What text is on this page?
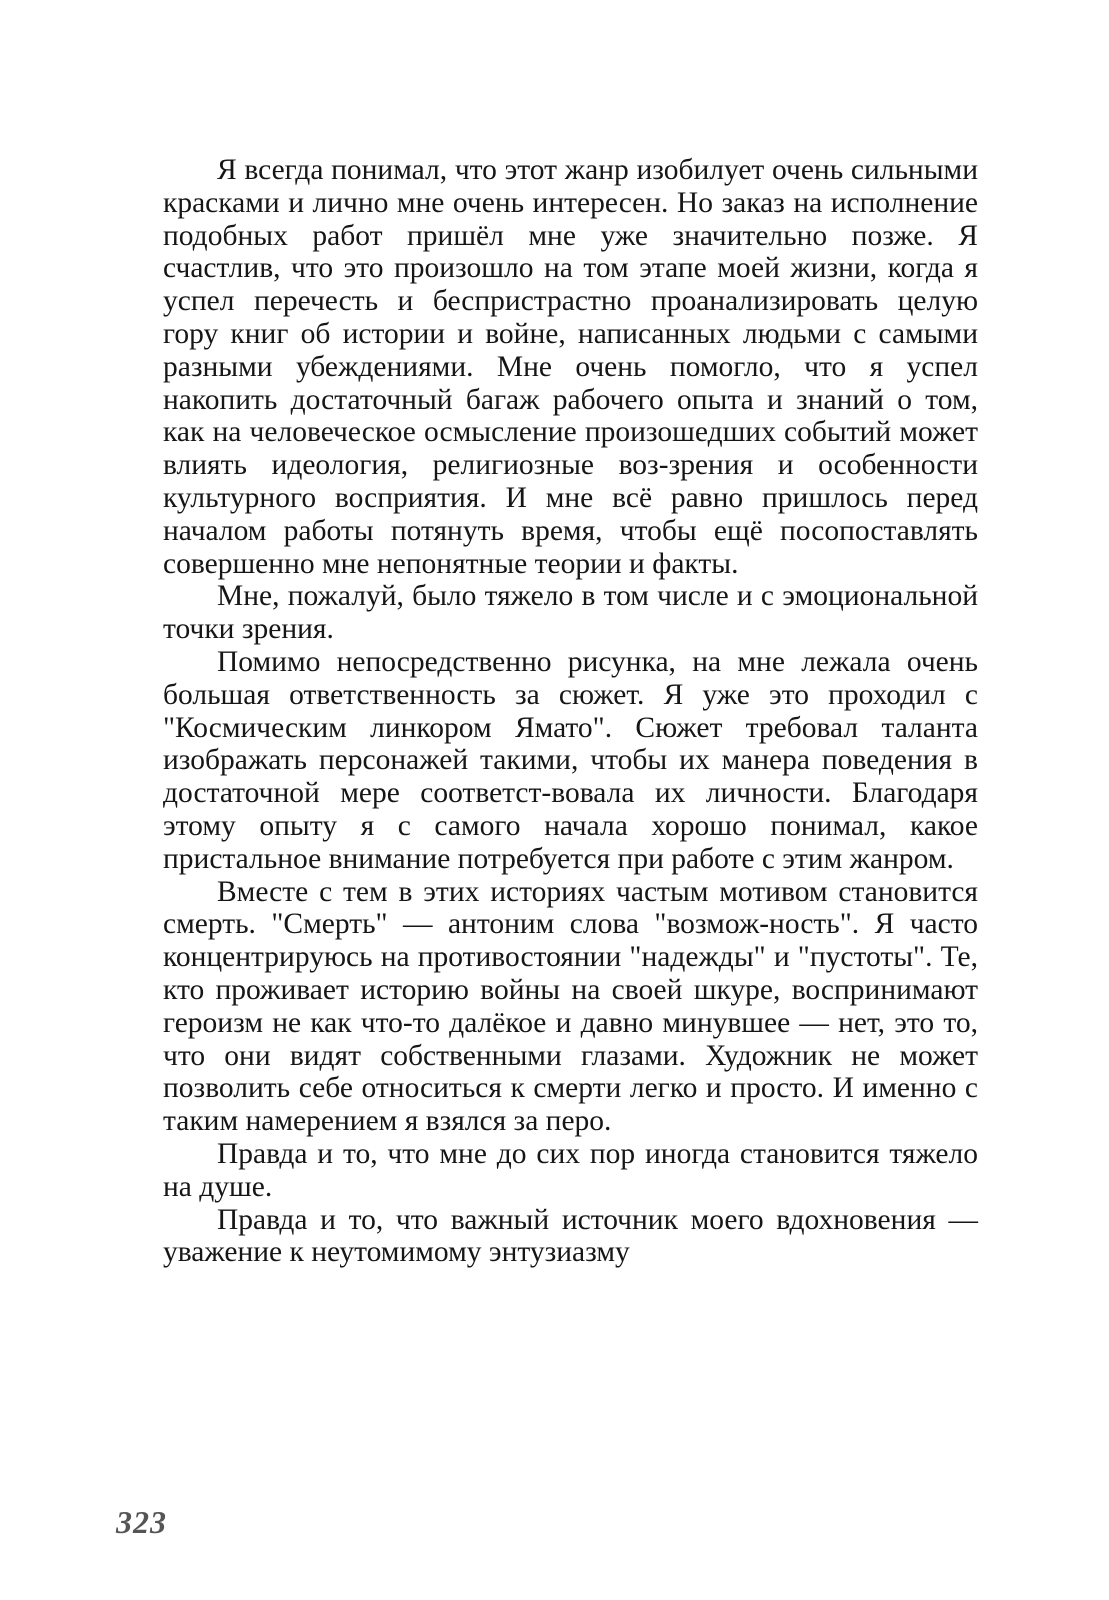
Я всегда понимал, что этот жанр изобилует очень сильными красками и лично мне очень интересен. Но заказ на исполнение подобных работ пришёл мне уже значительно позже. Я счастлив, что это произошло на том этапе моей жизни, когда я успел перечесть и беспристрастно проанализировать целую гору книг об истории и войне, написанных людьми с самыми разными убеждениями. Мне очень помогло, что я успел накопить достаточный багаж рабочего опыта и знаний о том, как на человеческое осмысление произошедших событий может влиять идеология, религиозные воз-зрения и особенности культурного восприятия. И мне всё равно пришлось перед началом работы потянуть время, чтобы ещё посопоставлять совершенно мне непонятные теории и факты.

Мне, пожалуй, было тяжело в том числе и с эмоциональной точки зрения.

Помимо непосредственно рисунка, на мне лежала очень большая ответственность за сюжет. Я уже это проходил с "Космическим линкором Ямато". Сюжет требовал таланта изображать персонажей такими, чтобы их манера поведения в достаточной мере соответст-вовала их личности. Благодаря этому опыту я с самого начала хорошо понимал, какое пристальное внимание потребуется при работе с этим жанром.

Вместе с тем в этих историях частым мотивом становится смерть. "Смерть" — антоним слова "возмож-ность". Я часто концентрируюсь на противостоянии "надежды" и "пустоты". Те, кто проживает историю войны на своей шкуре, воспринимают героизм не как что-то далёкое и давно минувшее — нет, это то, что они видят собственными глазами. Художник не может позволить себе относиться к смерти легко и просто. И именно с таким намерением я взялся за перо.

Правда и то, что мне до сих пор иногда становится тяжело на душе.

Правда и то, что важный источник моего вдохновения — уважение к неутомимому энтузиазму

323
